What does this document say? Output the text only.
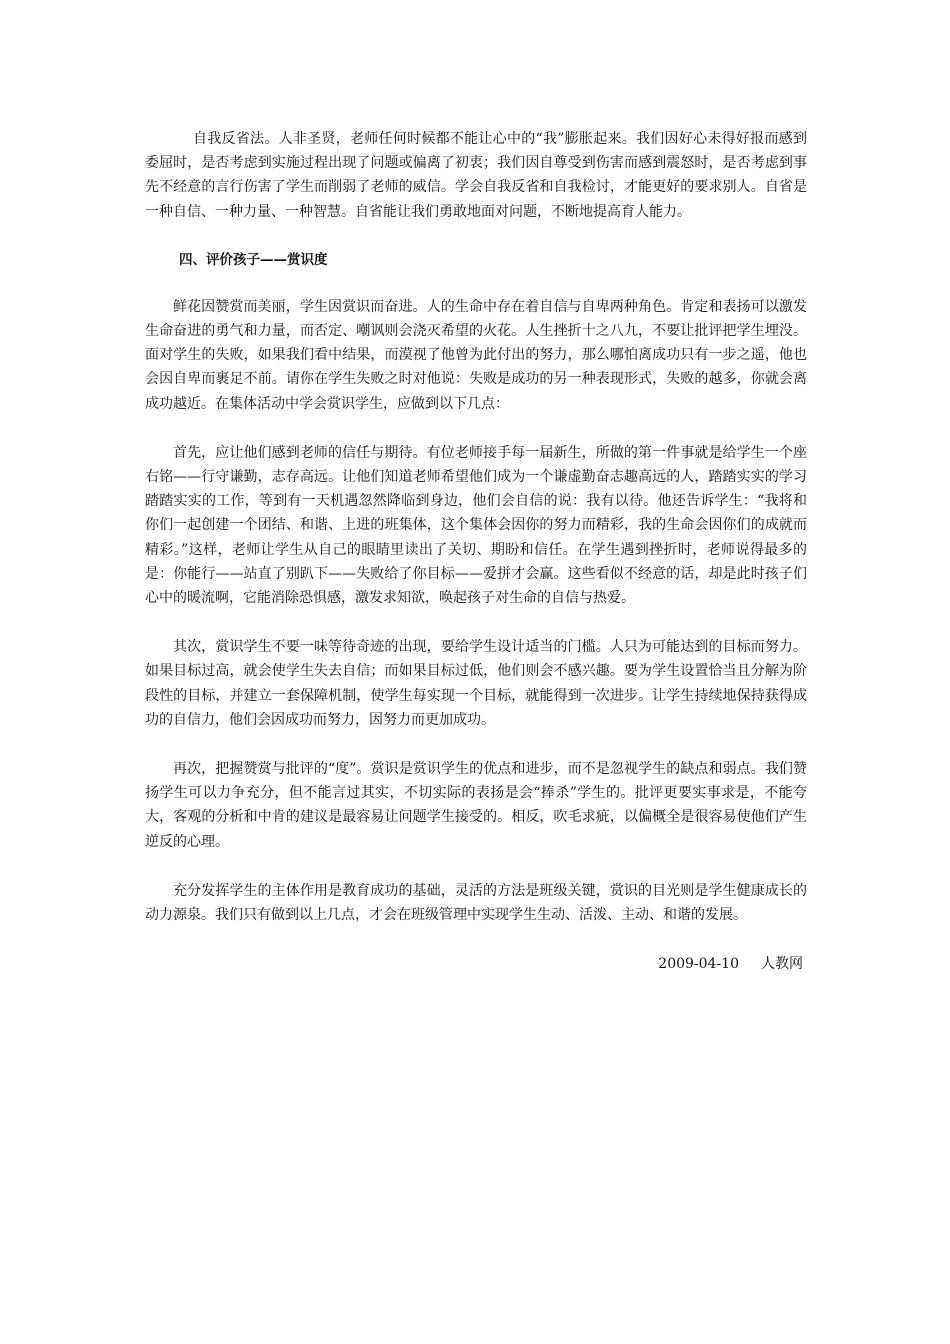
自我反省法。人非圣贤，老师任何时候都不能让心中的“我”膨胀起来。我们因好心未得好报而感到委屈时，是否考虑到实施过程出现了问题或偏离了初衷；我们因自尊受到伤害而感到震怒时，是否考虑到事先不经意的言行伤害了学生而削弱了老师的威信。学会自我反省和自我检讨，才能更好的要求别人。自省是一种自信、一种力量、一种智慧。自省能让我们勇敢地面对问题，不断地提高育人能力。

四、评价孩子——赏识度

鲜花因赞赏而美丽，学生因赏识而奋进。人的生命中存在着自信与自卑两种角色。肯定和表扬可以激发生命奋进的勇气和力量，而否定、嘲讽则会浇灭希望的火花。人生挫折十之八九，不要让批评把学生埋没。面对学生的失败，如果我们看中结果，而漠视了他曾为此付出的努力，那么哪怕离成功只有一步之遥，他也会因自卑而裹足不前。请你在学生失败之时对他说：失败是成功的另一种表现形式，失败的越多，你就会离成功越近。在集体活动中学会赏识学生，应做到以下几点：

首先，应让他们感到老师的信任与期待。有位老师接手每一届新生，所做的第一件事就是给学生一个座右铭——行守谦勤，志存高远。让他们知道老师希望他们成为一个谦虚勤奋志趣高远的人，踏踏实实的学习踏踏实实的工作，等到有一天机遇忽然降临到身边，他们会自信的说：我有以待。他还告诉学生：“我将和你们一起创建一个团结、和谐、上进的班集体，这个集体会因你的努力而精彩，我的生命会因你们的成就而精彩。”这样，老师让学生从自己的眼睛里读出了关切、期盼和信任。在学生遇到挫折时，老师说得最多的是：你能行——站直了别趴下——失败给了你目标——爱拼才会赢。这些看似不经意的话，却是此时孩子们心中的暖流啊，它能消除恐惧感，激发求知欲，唤起孩子对生命的自信与热爱。

其次，赏识学生不要一味等待奇迹的出现，要给学生设计适当的门槛。人只为可能达到的目标而努力。如果目标过高，就会使学生失去自信；而如果目标过低，他们则会不感兴趣。要为学生设置恰当且分解为阶段性的目标，并建立一套保障机制，使学生每实现一个目标，就能得到一次进步。让学生持续地保持获得成功的自信力，他们会因成功而努力，因努力而更加成功。

再次，把握赞赏与批评的“度”。赏识是赏识学生的优点和进步，而不是忽视学生的缺点和弱点。我们赞扬学生可以力争充分，但不能言过其实，不切实际的表扬是会“捧杀”学生的。批评更要实事求是，不能夸大，客观的分析和中肯的建议是最容易让问题学生接受的。相反，吹毛求疵，以偏概全是很容易使他们产生逆反的心理。

充分发挥学生的主体作用是教育成功的基础，灵活的方法是班级关键，赏识的目光则是学生健康成长的动力源泉。我们只有做到以上几点，才会在班级管理中实现学生生动、活泼、主动、和谐的发展。

2009-04-10 人教网
